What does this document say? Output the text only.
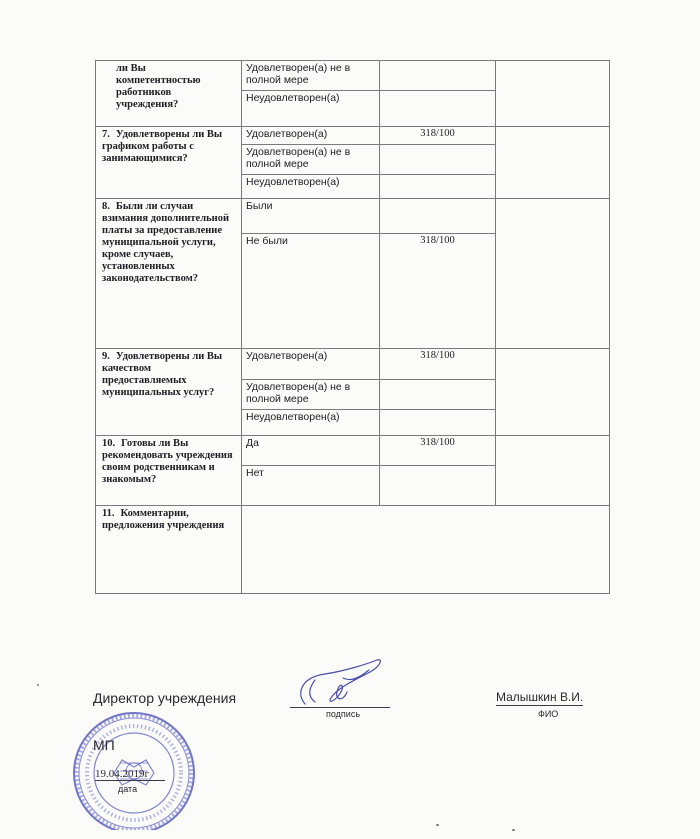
ли Вы
компетентностью
работников
учреждения?	Удовлетворен(а) не в полной мере		
	Неудовлетворен(а)		
7. Удовлетворены ли Вы графиком работы с занимающимися?	Удовлетворен(а)	318/100	
	Удовлетворен(а) не в полной мере		
	Неудовлетворен(а)		
8. Были ли случаи взимания дополнительной платы за предоставление муниципальной услуги, кроме случаев, установленных законодательством?	Были		
	Не были	318/100	
9. Удовлетворены ли Вы качеством предоставляемых муниципальных услуг?	Удовлетворен(а)	318/100	
	Удовлетворен(а) не в полной мере		
	Неудовлетворен(а)		
10. Готовы ли Вы рекомендовать учреждения своим родственникам и знакомым?	Да	318/100	
	Нет		
11. Комментарии, предложения учреждения			
Директор учреждения
подпись
Малышкин В.И.
ФИО
МП
19.04.2019г
дата
